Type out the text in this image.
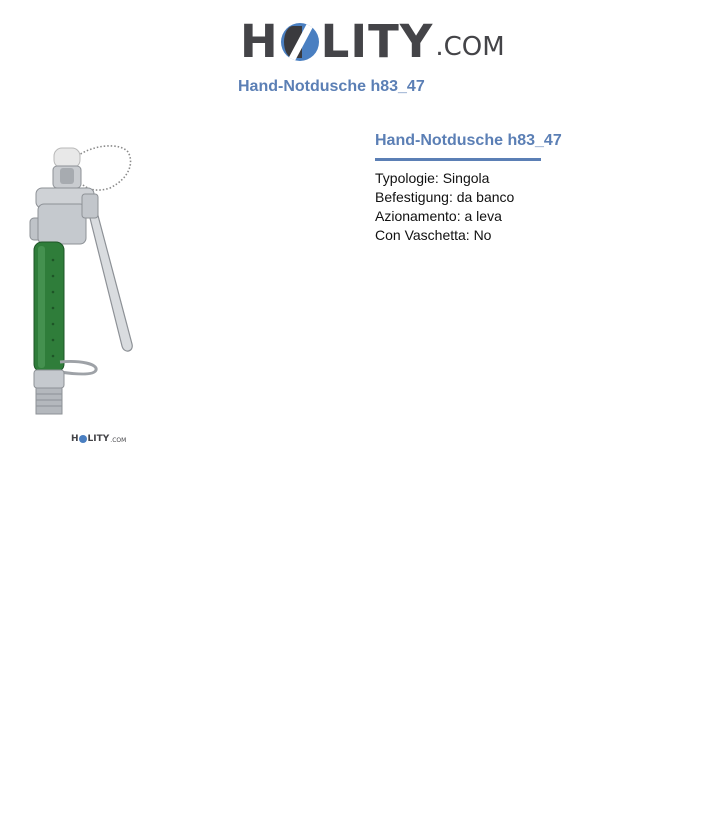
H LITY .COM
Hand-Notdusche h83_47
H LITY .COM
Hand-Notdusche h83_47
Typologie: Singola
Befestigung: da banco
Azionamento: a leva
Con Vaschetta: No
